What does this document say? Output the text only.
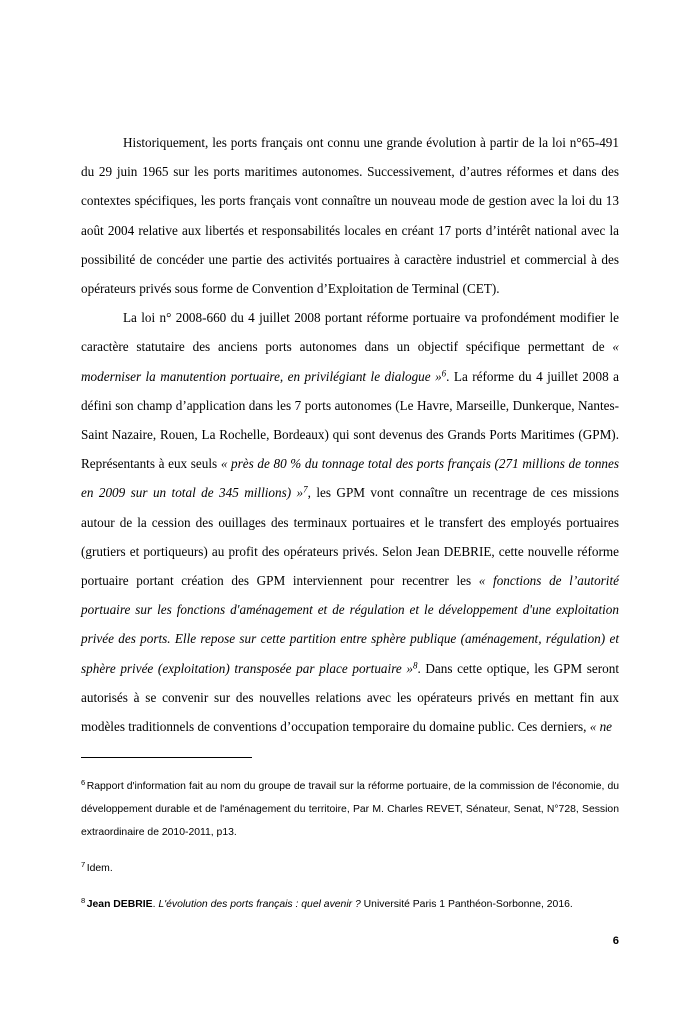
Historiquement, les ports français ont connu une grande évolution à partir de la loi n°65-491 du 29 juin 1965 sur les ports maritimes autonomes. Successivement, d’autres réformes et dans des contextes spécifiques, les ports français vont connaître un nouveau mode de gestion avec la loi du 13 août 2004 relative aux libertés et responsabilités locales en créant 17 ports d’intérêt national avec la possibilité de concéder une partie des activités portuaires à caractère industriel et commercial à des opérateurs privés sous forme de Convention d’Exploitation de Terminal (CET).

La loi n° 2008-660 du 4 juillet 2008 portant réforme portuaire va profondément modifier le caractère statutaire des anciens ports autonomes dans un objectif spécifique permettant de « moderniser la manutention portuaire, en privilégiant le dialogue »$^6$. La réforme du 4 juillet 2008 a défini son champ d’application dans les 7 ports autonomes (Le Havre, Marseille, Dunkerque, Nantes-Saint Nazaire, Rouen, La Rochelle, Bordeaux) qui sont devenus des Grands Ports Maritimes (GPM). Représentants à eux seuls « près de 80 % du tonnage total des ports français (271 millions de tonnes en 2009 sur un total de 345 millions) »$^7$, les GPM vont connaître un recentrage de ces missions autour de la cession des ouillages des terminaux portuaires et le transfert des employés portuaires (grutiers et portiqueurs) au profit des opérateurs privés. Selon Jean DEBRIE, cette nouvelle réforme portuaire portant création des GPM interviennent pour recentrer les « fonctions de l’autorité portuaire sur les fonctions d'aménagement et de régulation et le développement d'une exploitation privée des ports. Elle repose sur cette partition entre sphère publique (aménagement, régulation) et sphère privée (exploitation) transposée par place portuaire »$^8$. Dans cette optique, les GPM seront autorisés à se convenir sur des nouvelles relations avec les opérateurs privés en mettant fin aux modèles traditionnels de conventions d’occupation temporaire du domaine public. Ces derniers, « ne

$^6$ Rapport d'information fait au nom du groupe de travail sur la réforme portuaire, de la commission de l'économie, du développement durable et de l'aménagement du territoire, Par M. Charles REVET, Sénateur, Senat, N°728, Session extraordinaire de 2010-2011, p13.

$^7$ Idem.

$^8$ Jean DEBRIE. L'évolution des ports français : quel avenir ? Université Paris 1 Panthéon-Sorbonne, 2016.

6
